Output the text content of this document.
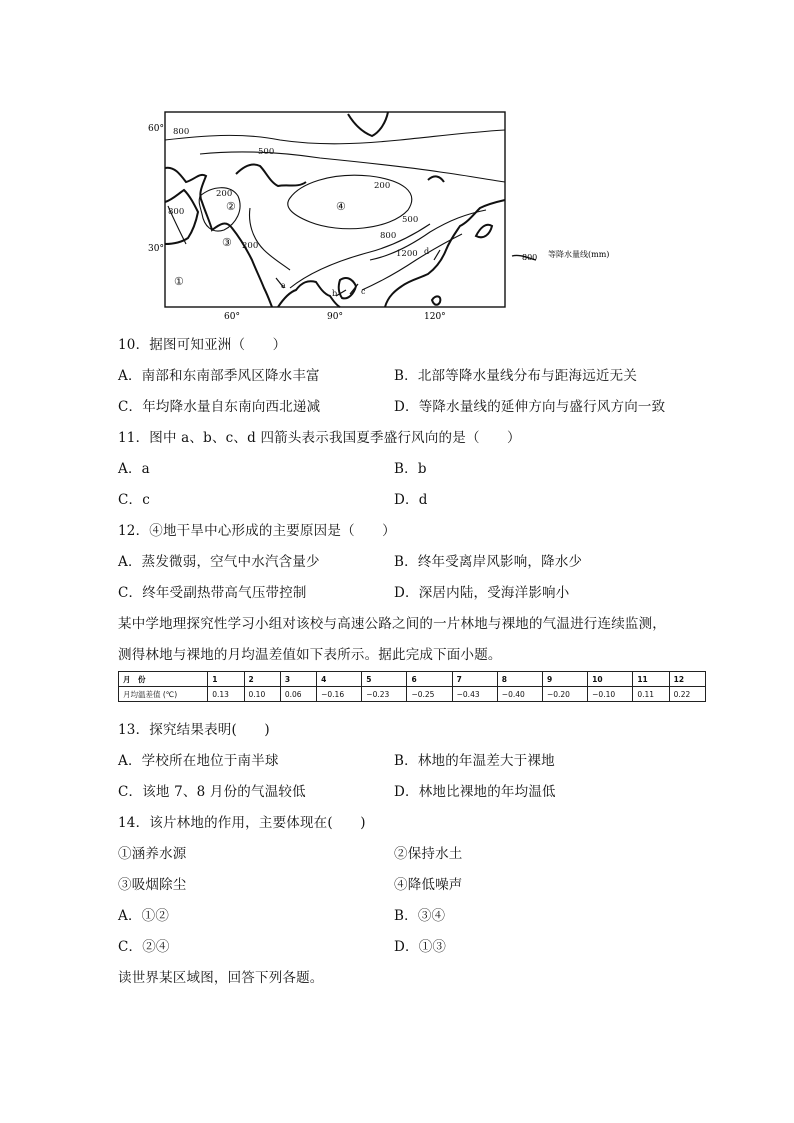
60°
30°
60°	90°	120°
800
500
200
200
800
200
500
800
1200
①
②
③
④
a
b	c
d
800 等降水量线(mm)
10．据图可知亚洲（　　）
A．南部和东南部季风区降水丰富	B．北部等降水量线分布与距海远近无关
C．年均降水量自东南向西北递减	D．等降水量线的延伸方向与盛行风方向一致
11．图中 a、b、c、d 四箭头表示我国夏季盛行风向的是（　　）
A．a	B．b
C．c	D．d
12．④地干旱中心形成的主要原因是（　　）
A．蒸发微弱，空气中水汽含量少	B．终年受离岸风影响，降水少
C．终年受副热带高气压带控制	D．深居内陆，受海洋影响小
某中学地理探究性学习小组对该校与高速公路之间的一片林地与裸地的气温进行连续监测，
测得林地与裸地的月均温差值如下表所示。据此完成下面小题。
月　份	1	2	3	4	5	6	7	8	9	10	11	12
月均温差值 (℃)	0.13	0.10	0.06	−0.16	−0.23	−0.25	−0.43	−0.40	−0.20	−0.10	0.11	0.22
13．探究结果表明(　　)
A．学校所在地位于南半球	B．林地的年温差大于裸地
C．该地 7、8 月份的气温较低	D．林地比裸地的年均温低
14．该片林地的作用，主要体现在(　　)
①涵养水源	②保持水土
③吸烟除尘	④降低噪声
A．①②	B．③④
C．②④	D．①③
读世界某区域图，回答下列各题。
